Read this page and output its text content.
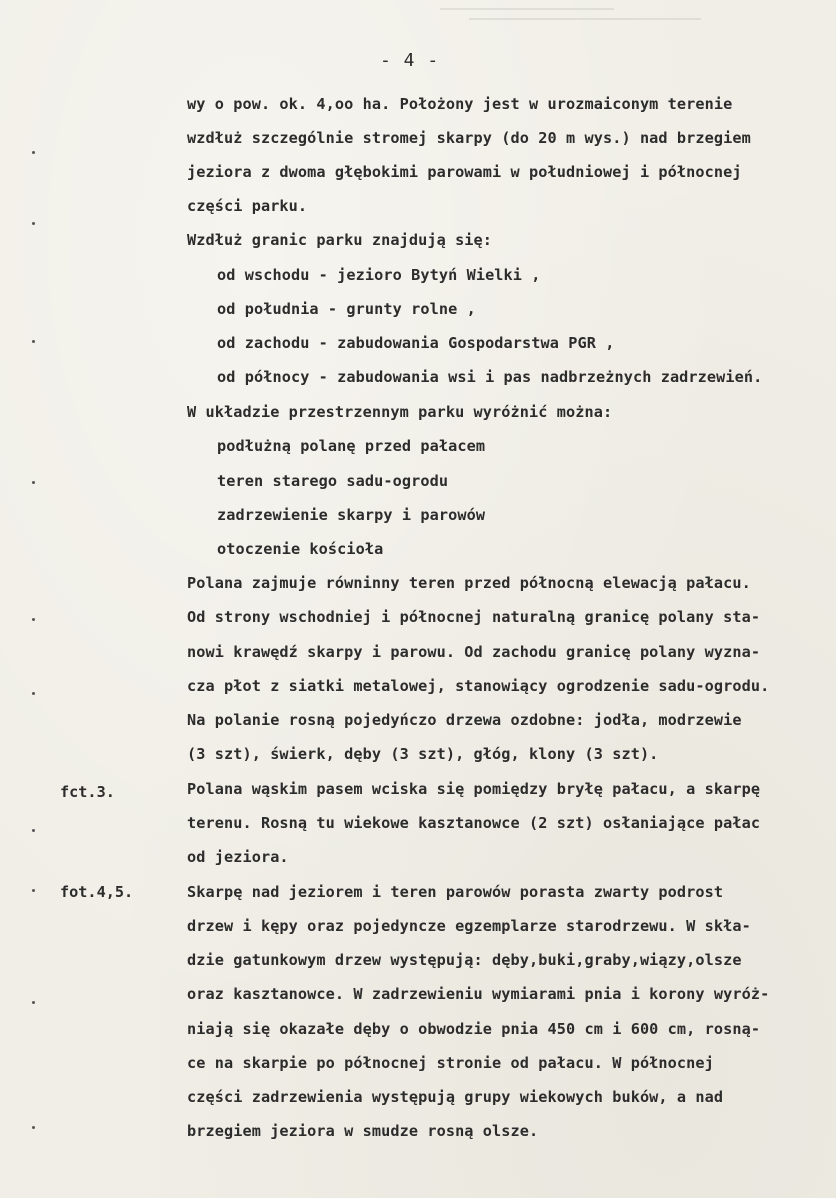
- 4 -
fct.3.
fot.4,5.
wy o pow. ok. 4,oo ha. Położony jest w urozmaiconym terenie
wzdłuż szczególnie stromej skarpy (do 20 m wys.) nad brzegiem
jeziora z dwoma głębokimi parowami w południowej i północnej
części parku.
Wzdłuż granic parku znajdują się:
od wschodu - jezioro Bytyń Wielki ,
od południa - grunty rolne ,
od zachodu - zabudowania Gospodarstwa PGR ,
od północy - zabudowania wsi i pas nadbrzeżnych zadrzewień.
W układzie przestrzennym parku wyróżnić można:
podłużną polanę przed pałacem
teren starego sadu-ogrodu
zadrzewienie skarpy i parowów
otoczenie kościoła
Polana zajmuje równinny teren przed północną elewacją pałacu.
Od strony wschodniej i północnej naturalną granicę polany sta-
nowi krawędź skarpy i parowu. Od zachodu granicę polany wyzna-
cza płot z siatki metalowej, stanowiący ogrodzenie sadu-ogrodu.
Na polanie rosną pojedyńczo drzewa ozdobne: jodła, modrzewie
(3 szt), świerk, dęby (3 szt), głóg, klony (3 szt).
Polana wąskim pasem wciska się pomiędzy bryłę pałacu, a skarpę
terenu. Rosną tu wiekowe kasztanowce (2 szt) osłaniające pałac
od jeziora.
Skarpę nad jeziorem i teren parowów porasta zwarty podrost
drzew i kępy oraz pojedyncze egzemplarze starodrzewu. W skła-
dzie gatunkowym drzew występują: dęby,buki,graby,wiązy,olsze
oraz kasztanowce. W zadrzewieniu wymiarami pnia i korony wyróż-
niają się okazałe dęby o obwodzie pnia 450 cm i 600 cm, rosną-
ce na skarpie po północnej stronie od pałacu. W północnej
części zadrzewienia występują grupy wiekowych buków, a nad
brzegiem jeziora w smudze rosną olsze.
